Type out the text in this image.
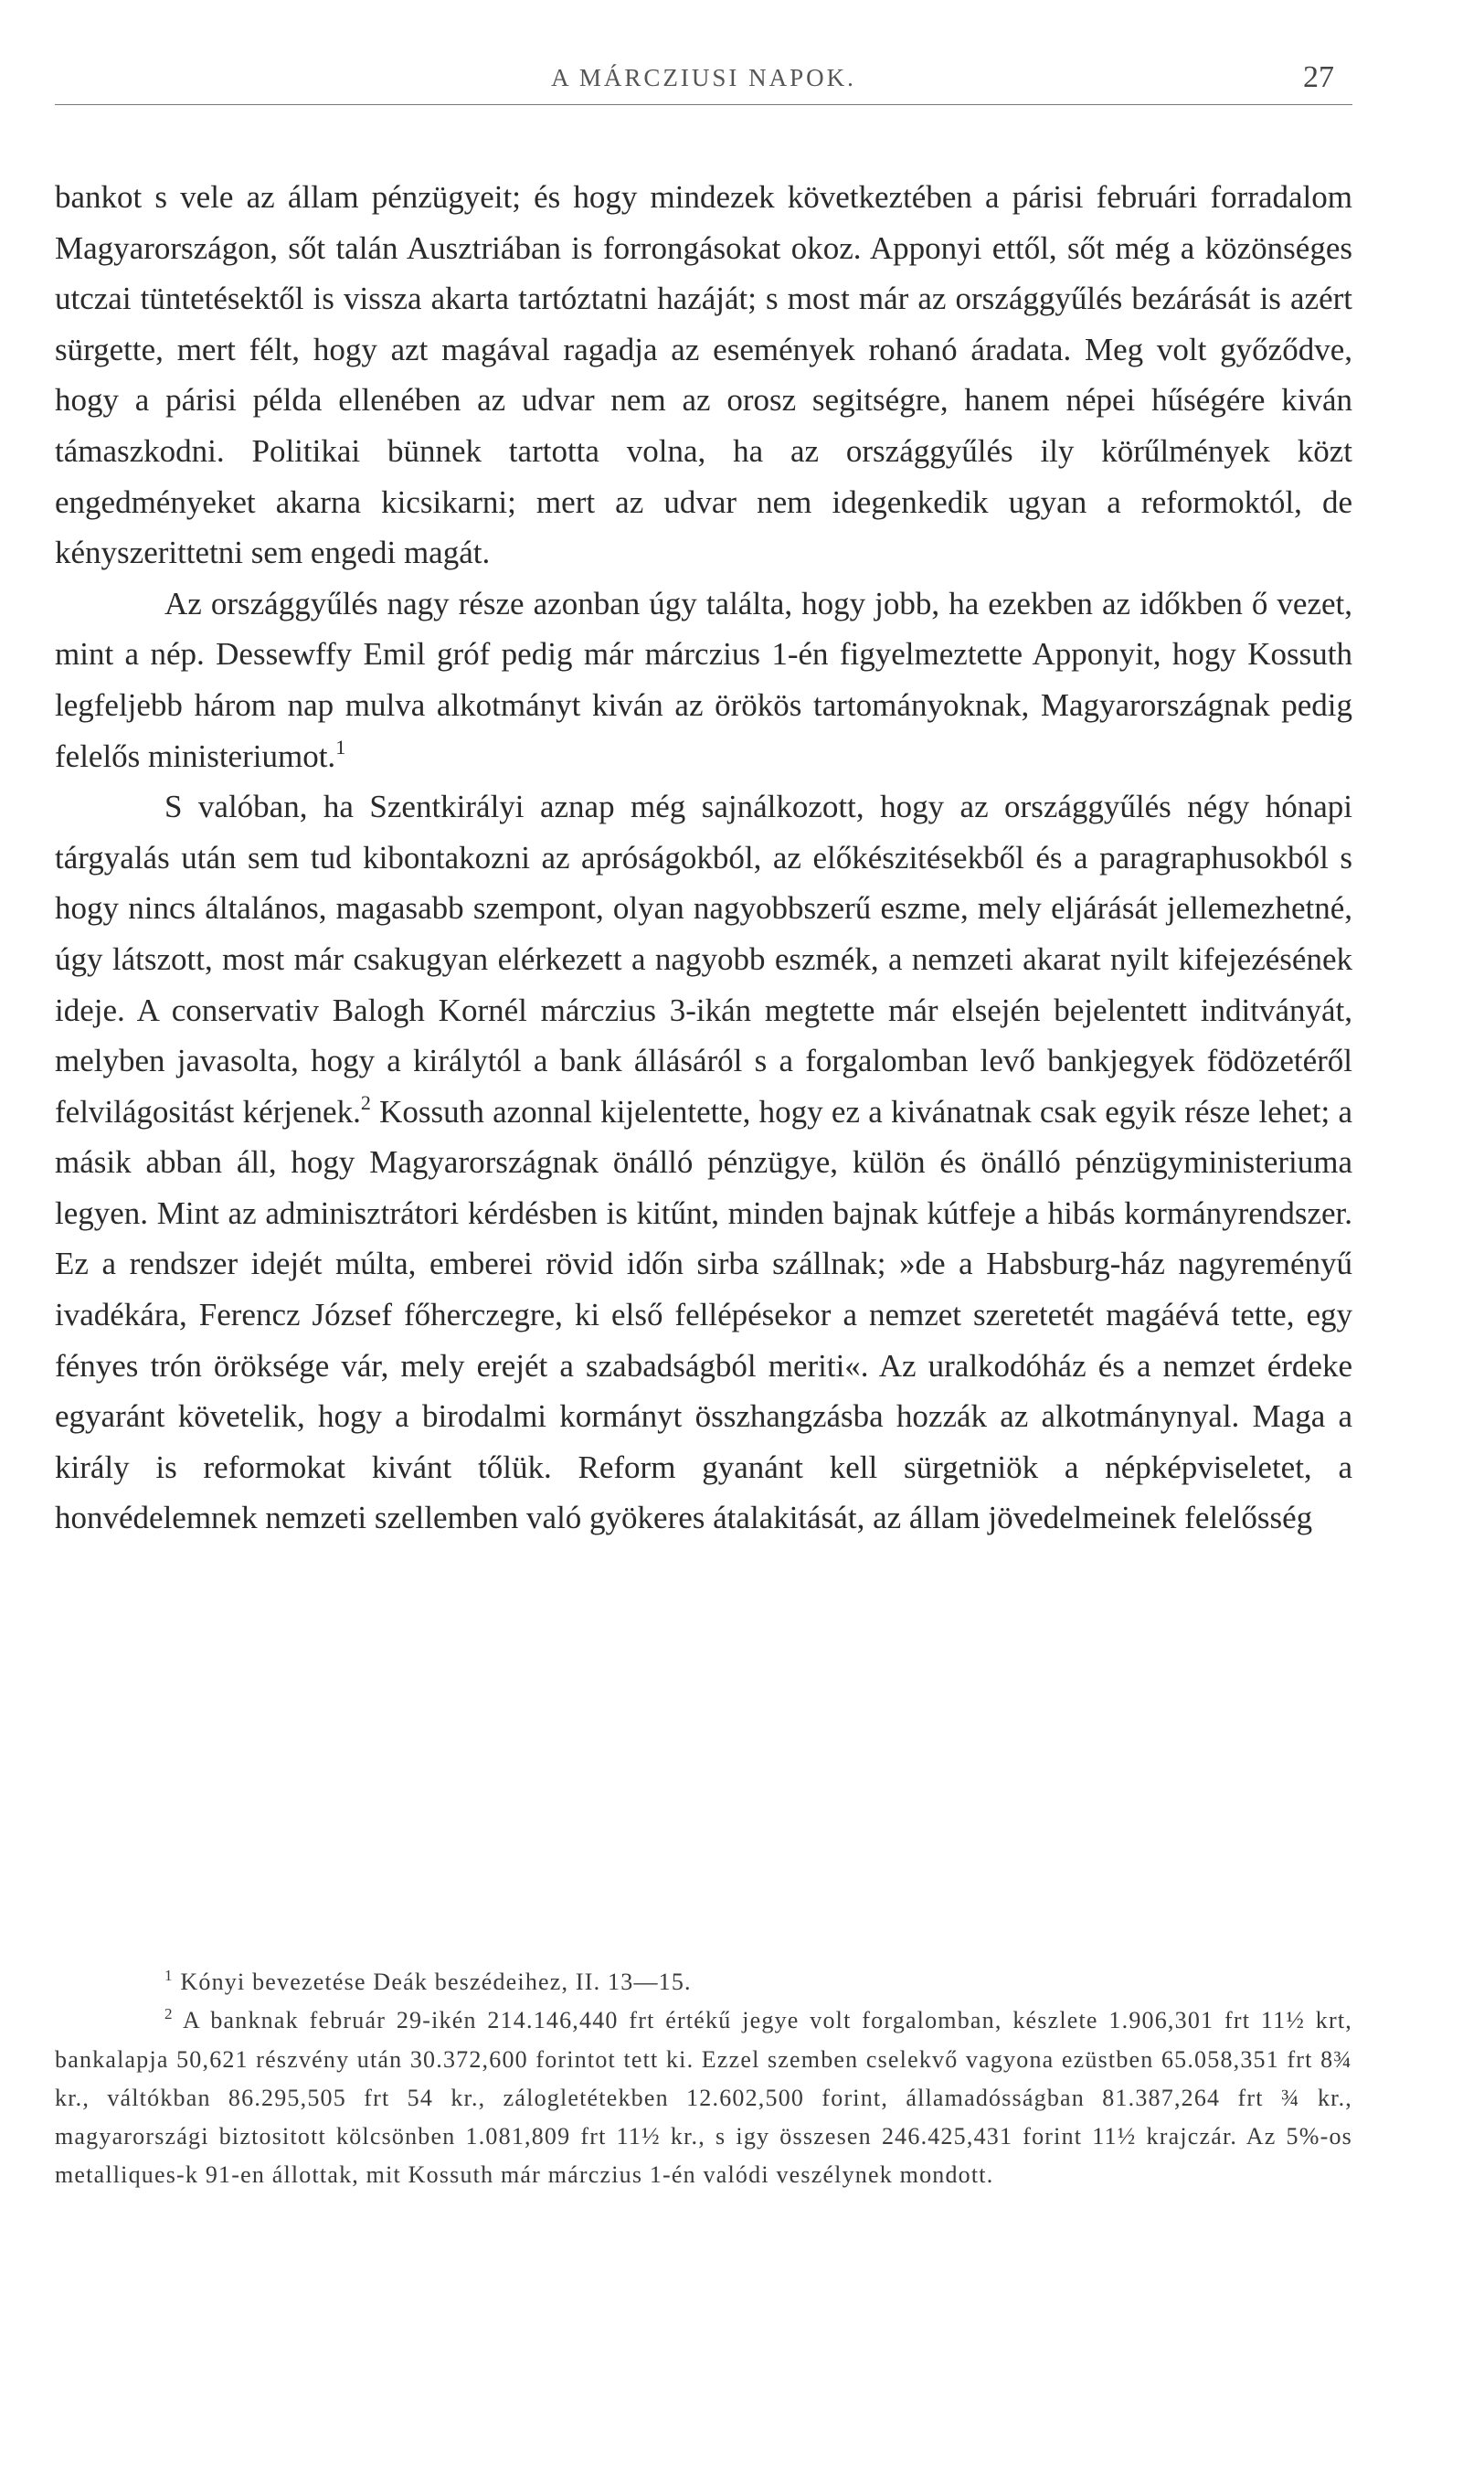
A MÁRCZIUSI NAPOK.	27

bankot s vele az állam pénzügyeit; és hogy mindezek következtében a párisi februári forradalom Magyarországon, sőt talán Ausztriában is forrongásokat okoz. Apponyi ettől, sőt még a közönséges utczai tüntetésektől is vissza akarta tartóztatni hazáját; s most már az országgyűlés bezárását is azért sürgette, mert félt, hogy azt magával ragadja az események rohanó áradata. Meg volt győződve, hogy a párisi példa ellenében az udvar nem az orosz segitségre, hanem népei hűségére kiván támaszkodni. Politikai bünnek tartotta volna, ha az országgyűlés ily körűlmények közt engedményeket akarna kicsikarni; mert az udvar nem idegenkedik ugyan a reformoktól, de kényszerittetni sem engedi magát.

Az országgyűlés nagy része azonban úgy találta, hogy jobb, ha ezekben az időkben ő vezet, mint a nép. Dessewffy Emil gróf pedig már márczius 1-én figyelmeztette Apponyit, hogy Kossuth legfeljebb három nap mulva alkotmányt kiván az örökös tartományoknak, Magyarországnak pedig felelős ministeriumot.$^1$

S valóban, ha Szentkirályi aznap még sajnálkozott, hogy az országgyűlés négy hónapi tárgyalás után sem tud kibontakozni az apróságokból, az előkészitésekből és a paragraphusokból s hogy nincs általános, magasabb szempont, olyan nagyobbszerű eszme, mely eljárását jellemezhetné, úgy látszott, most már csakugyan elérkezett a nagyobb eszmék, a nemzeti akarat nyilt kifejezésének ideje. A conservativ Balogh Kornél márczius 3-ikán megtette már elsején bejelentett inditványát, melyben javasolta, hogy a királytól a bank állásáról s a forgalomban levő bankjegyek födözetéről felvilágositást kérjenek.$^2$ Kossuth azonnal kijelentette, hogy ez a kivánatnak csak egyik része lehet; a másik abban áll, hogy Magyarországnak önálló pénzügye, külön és önálló pénzügyministeriuma legyen. Mint az adminisztrátori kérdésben is kitűnt, minden bajnak kútfeje a hibás kormányrendszer. Ez a rendszer idejét múlta, emberei rövid időn sirba szállnak; »de a Habsburg-ház nagyreményű ivadékára, Ferencz József főherczegre, ki első fellépésekor a nemzet szeretetét magáévá tette, egy fényes trón öröksége vár, mely erejét a szabadságból meriti«. Az uralkodóház és a nemzet érdeke egyaránt követelik, hogy a birodalmi kormányt összhangzásba hozzák az alkotmánynyal. Maga a király is reformokat kivánt tőlük. Reform gyanánt kell sürgetniök a népképviseletet, a honvédelemnek nemzeti szellemben való gyökeres átalakitását, az állam jövedelmeinek felelősség

$^1$ Kónyi bevezetése Deák beszédeihez, II. 13—15.

$^2$ A banknak február 29-ikén 214.146,440 frt értékű jegye volt forgalomban, készlete 1.906,301 frt 11½ krt, bankalapja 50,621 részvény után 30.372,600 forintot tett ki. Ezzel szemben cselekvő vagyona ezüstben 65.058,351 frt 8¾ kr., váltókban 86.295,505 frt 54 kr., zálogletétekben 12.602,500 forint, államadósságban 81.387,264 frt ¾ kr., magyarországi biztositott kölcsönben 1.081,809 frt 11½ kr., s igy összesen 246.425,431 forint 11½ krajczár. Az 5%-os metalliques-k 91-en állottak, mit Kossuth már márczius 1-én valódi veszélynek mondott.
